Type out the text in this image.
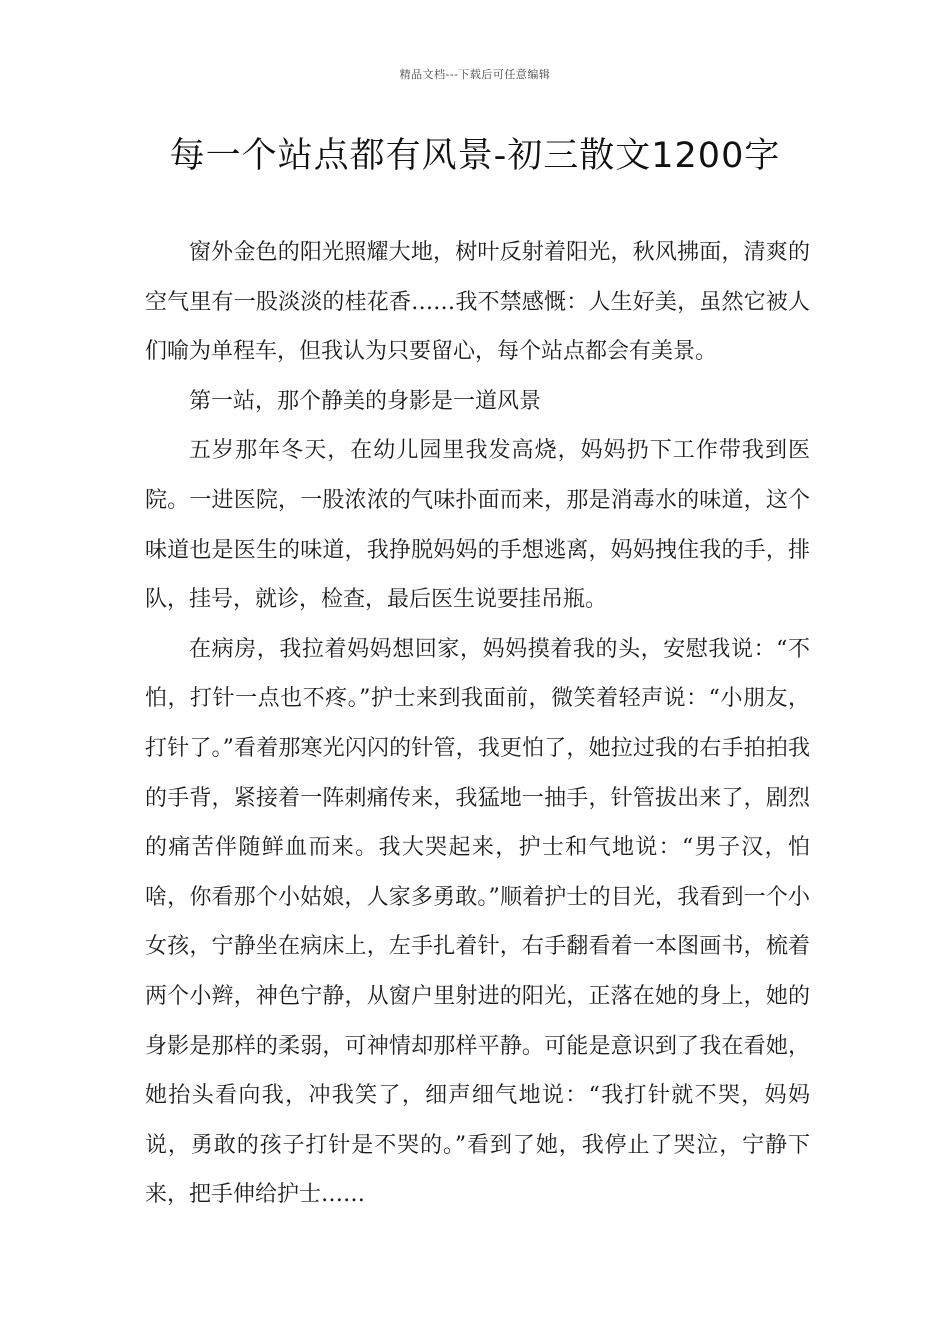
精品文档---下载后可任意编辑
每一个站点都有风景-初三散文1200字

窗外金色的阳光照耀大地，树叶反射着阳光，秋风拂面，清爽的空气里有一股淡淡的桂花香……我不禁感慨：人生好美，虽然它被人们喻为单程车，但我认为只要留心，每个站点都会有美景。

第一站，那个静美的身影是一道风景

五岁那年冬天，在幼儿园里我发高烧，妈妈扔下工作带我到医院。一进医院，一股浓浓的气味扑面而来，那是消毒水的味道，这个味道也是医生的味道，我挣脱妈妈的手想逃离，妈妈拽住我的手，排队，挂号，就诊，检查，最后医生说要挂吊瓶。

在病房，我拉着妈妈想回家，妈妈摸着我的头，安慰我说：“不怕，打针一点也不疼。”护士来到我面前，微笑着轻声说：“小朋友，打针了。”看着那寒光闪闪的针管，我更怕了，她拉过我的右手拍拍我的手背，紧接着一阵刺痛传来，我猛地一抽手，针管拔出来了，剧烈的痛苦伴随鲜血而来。我大哭起来，护士和气地说：“男子汉，怕啥，你看那个小姑娘，人家多勇敢。”顺着护士的目光，我看到一个小女孩，宁静坐在病床上，左手扎着针，右手翻看着一本图画书，梳着两个小辫，神色宁静，从窗户里射进的阳光，正落在她的身上，她的身影是那样的柔弱，可神情却那样平静。可能是意识到了我在看她，她抬头看向我，冲我笑了，细声细气地说：“我打针就不哭，妈妈说，勇敢的孩子打针是不哭的。”看到了她，我停止了哭泣，宁静下来，把手伸给护士……
